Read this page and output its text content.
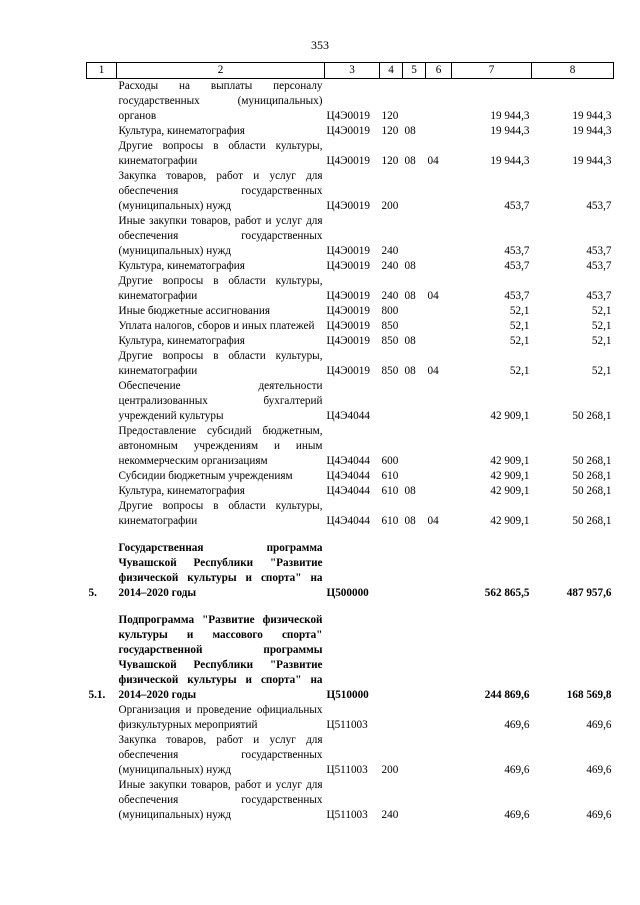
353
1	2	3	4	5	6	7	8
	Расходы на выплаты персоналу государственных (муниципальных) органов	Ц4Э0019	120			19 944,3	19 944,3
	Культура, кинематография	Ц4Э0019	120	08		19 944,3	19 944,3
	Другие вопросы в области культуры, кинематографии	Ц4Э0019	120	08	04	19 944,3	19 944,3
	Закупка товаров, работ и услуг для обеспечения государственных (муниципальных) нужд	Ц4Э0019	200			453,7	453,7
	Иные закупки товаров, работ и услуг для обеспечения государственных (муниципальных) нужд	Ц4Э0019	240			453,7	453,7
	Культура, кинематография	Ц4Э0019	240	08		453,7	453,7
	Другие вопросы в области культуры, кинематографии	Ц4Э0019	240	08	04	453,7	453,7
	Иные бюджетные ассигнования	Ц4Э0019	800			52,1	52,1
	Уплата налогов, сборов и иных платежей	Ц4Э0019	850			52,1	52,1
	Культура, кинематография	Ц4Э0019	850	08		52,1	52,1
	Другие вопросы в области культуры, кинематографии	Ц4Э0019	850	08	04	52,1	52,1
	Обеспечение деятельности централизованных бухгалтерий учреждений культуры	Ц4Э4044				42 909,1	50 268,1
	Предоставление субсидий бюджетным, автономным учреждениям и иным некоммерческим организациям	Ц4Э4044	600			42 909,1	50 268,1
	Субсидии бюджетным учреждениям	Ц4Э4044	610			42 909,1	50 268,1
	Культура, кинематография	Ц4Э4044	610	08		42 909,1	50 268,1
	Другие вопросы в области культуры, кинематографии	Ц4Э4044	610	08	04	42 909,1	50 268,1

5.	Государственная программа Чувашской Республики "Развитие физической культуры и спорта" на 2014–2020 годы	Ц500000				562 865,5	487 957,6

5.1.	Подпрограмма "Развитие физической культуры и массового спорта" государственной программы Чувашской Республики "Развитие физической культуры и спорта" на 2014–2020 годы	Ц510000				244 869,6	168 569,8
	Организация и проведение официальных физкультурных мероприятий	Ц511003				469,6	469,6
	Закупка товаров, работ и услуг для обеспечения государственных (муниципальных) нужд	Ц511003	200			469,6	469,6
	Иные закупки товаров, работ и услуг для обеспечения государственных (муниципальных) нужд	Ц511003	240			469,6	469,6
